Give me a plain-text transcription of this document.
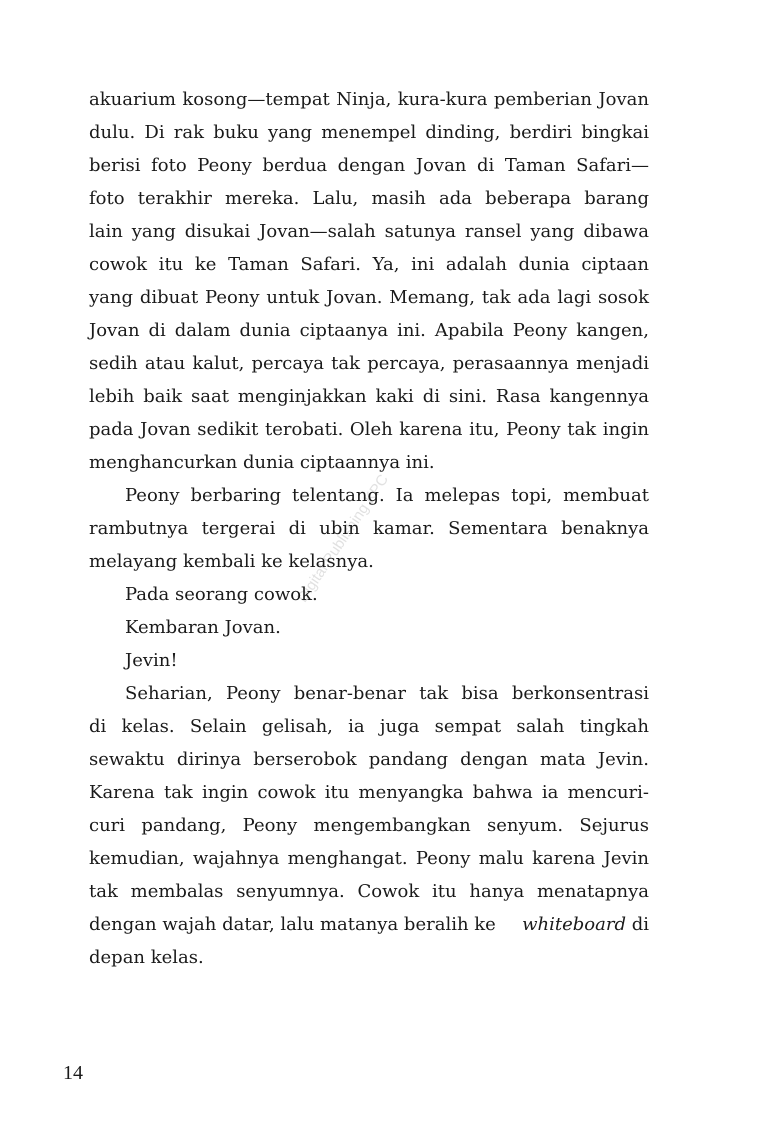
Digital Publishing KPC
akuarium kosong—tempat Ninja, kura-kura pemberian Jovan
dulu. Di rak buku yang menempel dinding, berdiri bingkai
berisi foto Peony berdua dengan Jovan di Taman Safari—
foto terakhir mereka. Lalu, masih ada beberapa barang
lain yang disukai Jovan—salah satunya ransel yang dibawa
cowok itu ke Taman Safari. Ya, ini adalah dunia ciptaan
yang dibuat Peony untuk Jovan. Memang, tak ada lagi sosok
Jovan di dalam dunia ciptaanya ini. Apabila Peony kangen,
sedih atau kalut, percaya tak percaya, perasaannya menjadi
lebih baik saat menginjakkan kaki di sini. Rasa kangennya
pada Jovan sedikit terobati. Oleh karena itu, Peony tak ingin
menghancurkan dunia ciptaannya ini.
Peony berbaring telentang. Ia melepas topi, membuat
rambutnya tergerai di ubin kamar. Sementara benaknya
melayang kembali ke kelasnya.
Pada seorang cowok.
Kembaran Jovan.
Jevin!
Seharian, Peony benar-benar tak bisa berkonsentrasi
di kelas. Selain gelisah, ia juga sempat salah tingkah
sewaktu dirinya berserobok pandang dengan mata Jevin.
Karena tak ingin cowok itu menyangka bahwa ia mencuri-
curi pandang, Peony mengembangkan senyum. Sejurus
kemudian, wajahnya menghangat. Peony malu karena Jevin
tak membalas senyumnya. Cowok itu hanya menatapnya
dengan wajah datar, lalu matanya beralih ke whiteboard di
depan kelas.
14
